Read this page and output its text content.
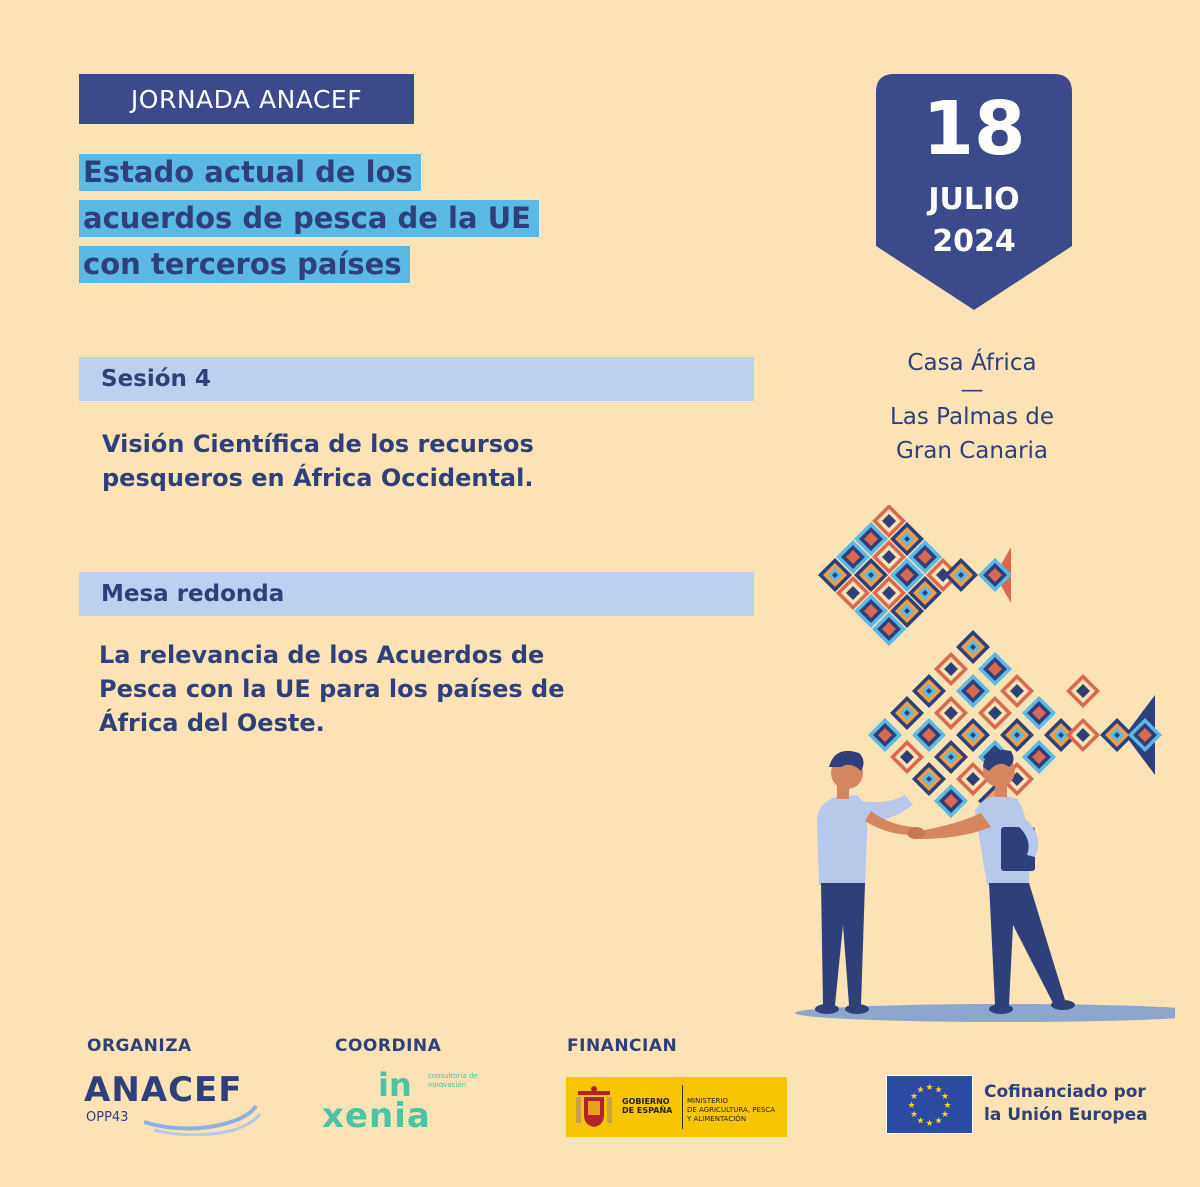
JORNADA ANACEF
Estado actual de los
acuerdos de pesca de la UE
con terceros países
18
JULIO
2024
Casa África
—
Las Palmas de
Gran Canaria
Sesión 4
Visión Científica de los recursos
pesqueros en África Occidental.
Mesa redonda
La relevancia de los Acuerdos de
Pesca con la UE para los países de
África del Oeste.
ORGANIZA	COORDINA	FINANCIAN
ANACEF
OPP43
in
xenia
consultoría de innovación
GOBIERNO
DE ESPAÑA
MINISTERIO
DE AGRICULTURA, PESCA
Y ALIMENTACIÓN
★ ★
★
★
★
★
★
★
★
★
★
★	Cofinanciado por
la Unión Europea
